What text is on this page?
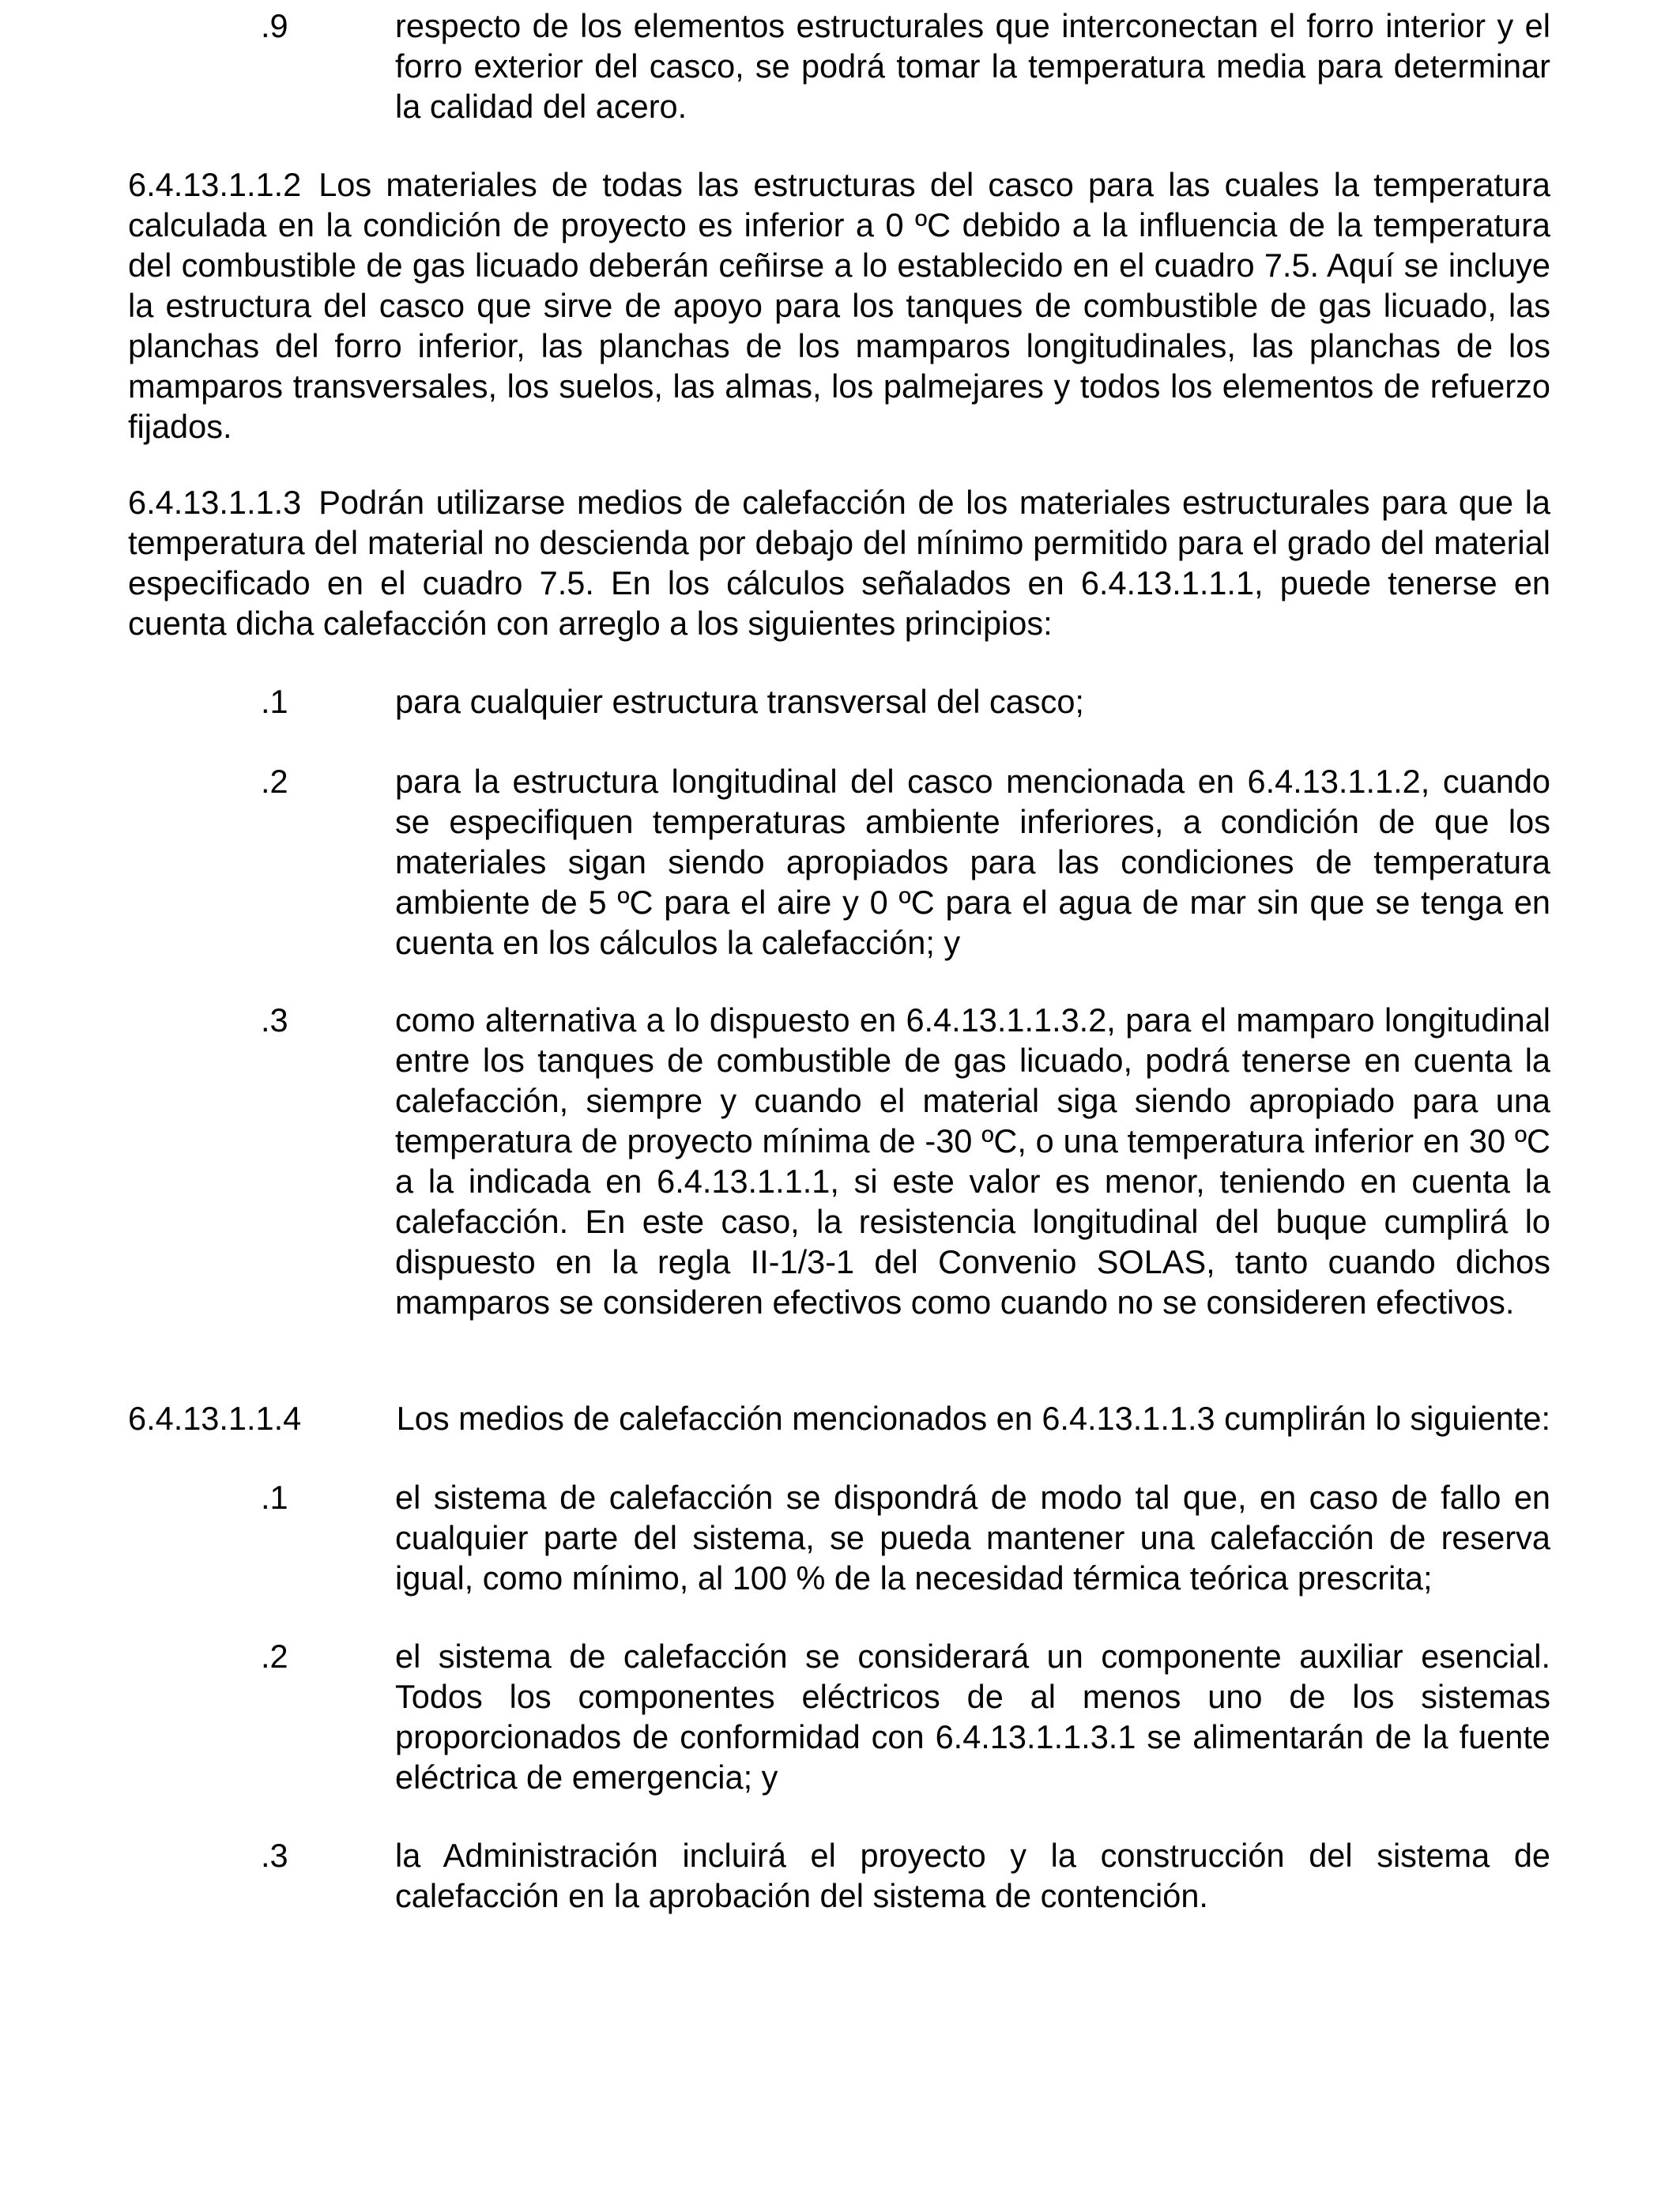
.9	respecto de los elementos estructurales que interconectan el forro interior y el forro exterior del casco, se podrá tomar la temperatura media para determinar la calidad del acero.
6.4.13.1.1.2 Los materiales de todas las estructuras del casco para las cuales la temperatura calculada en la condición de proyecto es inferior a 0 ºC debido a la influencia de la temperatura del combustible de gas licuado deberán ceñirse a lo establecido en el cuadro 7.5. Aquí se incluye la estructura del casco que sirve de apoyo para los tanques de combustible de gas licuado, las planchas del forro inferior, las planchas de los mamparos longitudinales, las planchas de los mamparos transversales, los suelos, las almas, los palmejares y todos los elementos de refuerzo fijados.
6.4.13.1.1.3 Podrán utilizarse medios de calefacción de los materiales estructurales para que la temperatura del material no descienda por debajo del mínimo permitido para el grado del material especificado en el cuadro 7.5. En los cálculos señalados en 6.4.13.1.1.1, puede tenerse en cuenta dicha calefacción con arreglo a los siguientes principios:
.1	para cualquier estructura transversal del casco;
.2	para la estructura longitudinal del casco mencionada en 6.4.13.1.1.2, cuando se especifiquen temperaturas ambiente inferiores, a condición de que los materiales sigan siendo apropiados para las condiciones de temperatura ambiente de 5 ºC para el aire y 0 ºC para el agua de mar sin que se tenga en cuenta en los cálculos la calefacción; y
.3	como alternativa a lo dispuesto en 6.4.13.1.1.3.2, para el mamparo longitudinal entre los tanques de combustible de gas licuado, podrá tenerse en cuenta la calefacción, siempre y cuando el material siga siendo apropiado para una temperatura de proyecto mínima de -30 ºC, o una temperatura inferior en 30 ºC a la indicada en 6.4.13.1.1.1, si este valor es menor, teniendo en cuenta la calefacción. En este caso, la resistencia longitudinal del buque cumplirá lo dispuesto en la regla II-1/3-1 del Convenio SOLAS, tanto cuando dichos mamparos se consideren efectivos como cuando no se consideren efectivos.
6.4.13.1.1.4	Los medios de calefacción mencionados en 6.4.13.1.1.3 cumplirán lo siguiente:
.1	el sistema de calefacción se dispondrá de modo tal que, en caso de fallo en cualquier parte del sistema, se pueda mantener una calefacción de reserva igual, como mínimo, al 100 % de la necesidad térmica teórica prescrita;
.2	el sistema de calefacción se considerará un componente auxiliar esencial. Todos los componentes eléctricos de al menos uno de los sistemas proporcionados de conformidad con 6.4.13.1.1.3.1 se alimentarán de la fuente eléctrica de emergencia; y
.3	la Administración incluirá el proyecto y la construcción del sistema de calefacción en la aprobación del sistema de contención.
